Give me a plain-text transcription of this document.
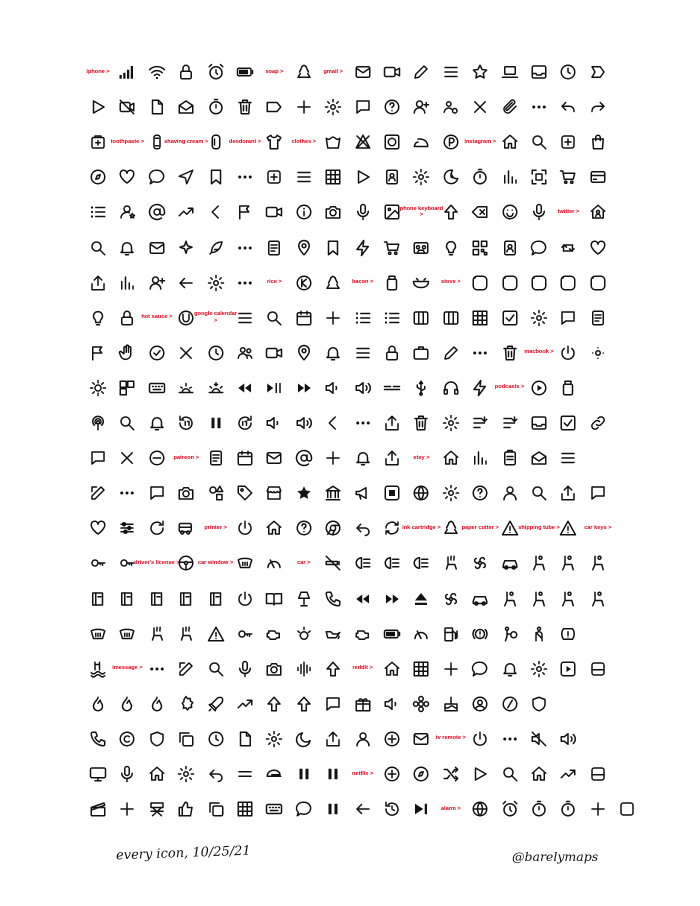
iphone >	soap >	gmail >
toothpaste >	shaving cream >	deodorant >	clothes >	instagram >
phone keyboard >
twitter >
rice >	bacon >	stove >
hot sauce >	google calendar >
macbook >
podcasts >
patreon >	etsy >
printer >	ink cartridge >	paper cutter >	shipping tube >	car keys >
driver's license >	car window >	car >
imessage >	reddit >
tv remote >
netflix >
alarm >
every icon, 10/25/21	@barelymaps
